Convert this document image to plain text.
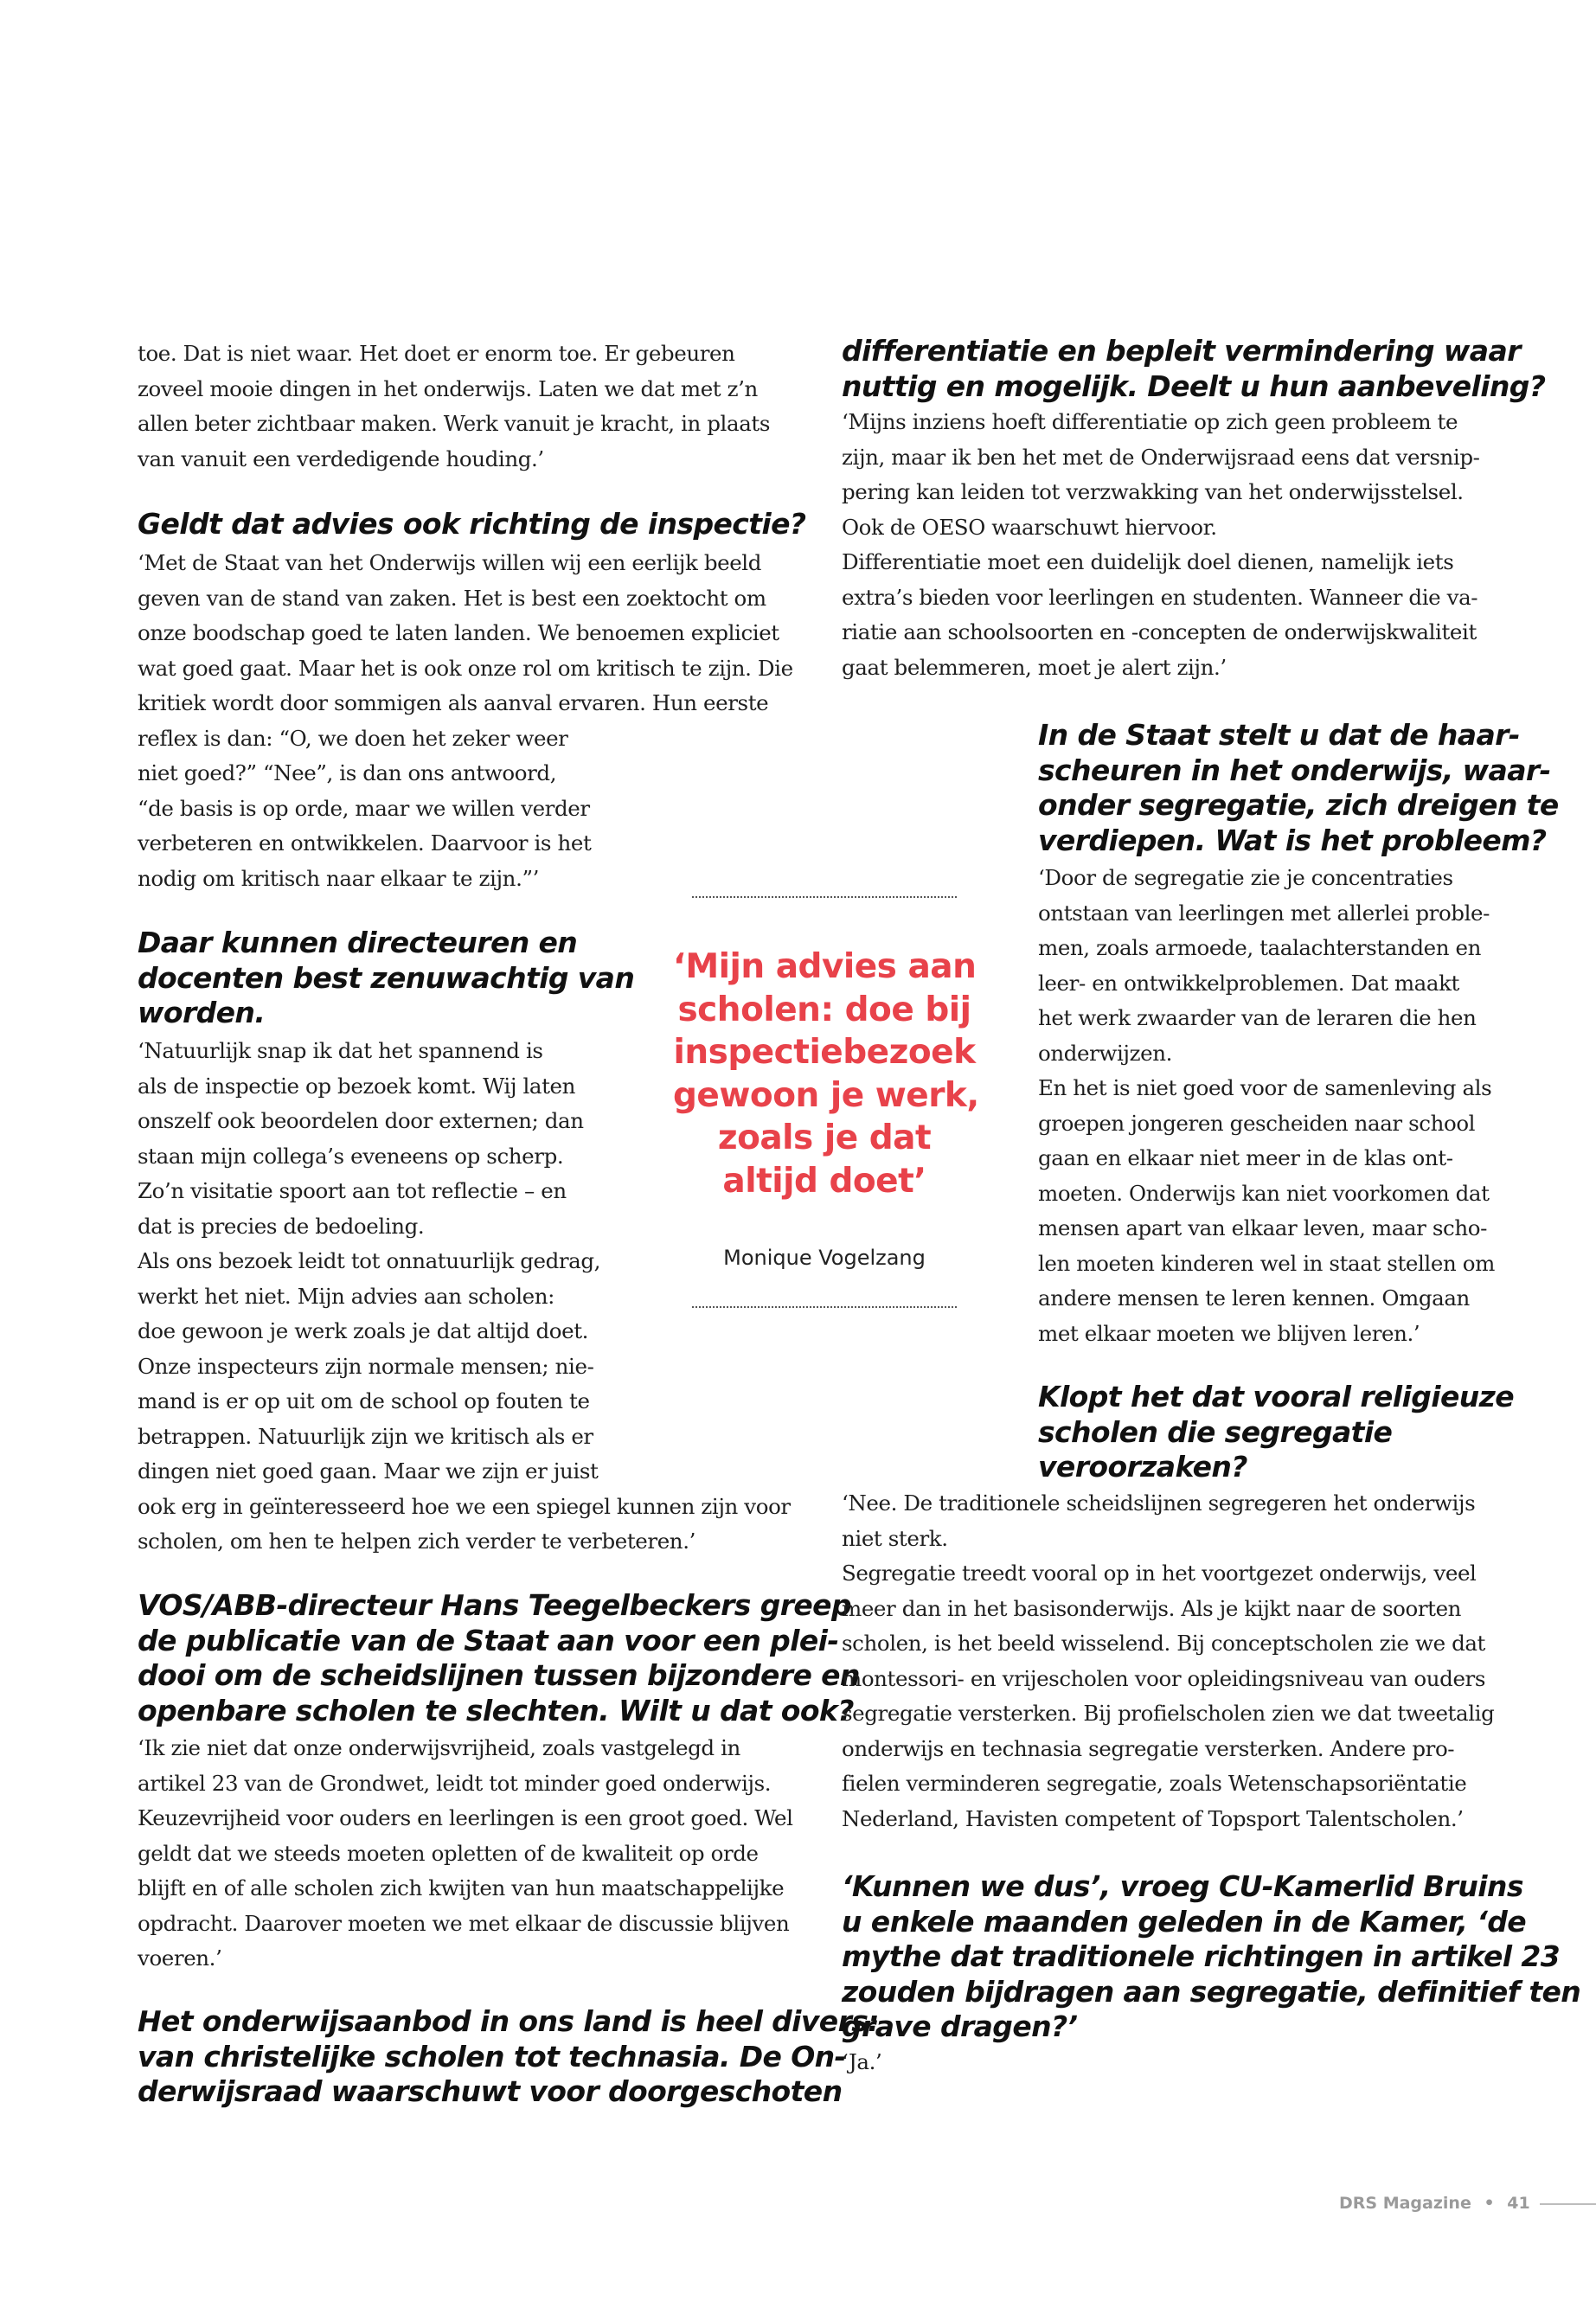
toe. Dat is niet waar. Het doet er enorm toe. Er gebeuren
zoveel mooie dingen in het onderwijs. Laten we dat met z’n
allen beter zichtbaar maken. Werk vanuit je kracht, in plaats
van vanuit een verdedigende houding.’
Geldt dat advies ook richting de inspectie?
‘Met de Staat van het Onderwijs willen wij een eerlijk beeld
geven van de stand van zaken. Het is best een zoektocht om
onze boodschap goed te laten landen. We benoemen expliciet
wat goed gaat. Maar het is ook onze rol om kritisch te zijn. Die
kritiek wordt door sommigen als aanval ervaren. Hun eerste
reflex is dan: “O, we doen het zeker weer
niet goed?” “Nee”, is dan ons antwoord,
“de basis is op orde, maar we willen verder
verbeteren en ontwikkelen. Daarvoor is het
nodig om kritisch naar elkaar te zijn.”’
Daar kunnen directeuren en
docenten best zenuwachtig van
worden.
‘Natuurlijk snap ik dat het spannend is
als de inspectie op bezoek komt. Wij laten
onszelf ook beoordelen door externen; dan
staan mijn collega’s eveneens op scherp.
Zo’n visitatie spoort aan tot reflectie – en
dat is precies de bedoeling.
Als ons bezoek leidt tot onnatuurlijk gedrag,
werkt het niet. Mijn advies aan scholen:
doe gewoon je werk zoals je dat altijd doet.
Onze inspecteurs zijn normale mensen; nie-
mand is er op uit om de school op fouten te
betrappen. Natuurlijk zijn we kritisch als er
dingen niet goed gaan. Maar we zijn er juist
ook erg in geïnteresseerd hoe we een spiegel kunnen zijn voor
scholen, om hen te helpen zich verder te verbeteren.’
VOS/ABB-directeur Hans Teegelbeckers greep
de publicatie van de Staat aan voor een plei-
dooi om de scheidslijnen tussen bijzondere en
openbare scholen te slechten. Wilt u dat ook?
‘Ik zie niet dat onze onderwijsvrijheid, zoals vastgelegd in
artikel 23 van de Grondwet, leidt tot minder goed onderwijs.
Keuzevrijheid voor ouders en leerlingen is een groot goed. Wel
geldt dat we steeds moeten opletten of de kwaliteit op orde
blijft en of alle scholen zich kwijten van hun maatschappelijke
opdracht. Daarover moeten we met elkaar de discussie blijven
voeren.’
Het onderwijsaanbod in ons land is heel divers:
van christelijke scholen tot technasia. De On-
derwijsraad waarschuwt voor doorgeschoten
differentiatie en bepleit vermindering waar
nuttig en mogelijk. Deelt u hun aanbeveling?
‘Mijns inziens hoeft differentiatie op zich geen probleem te
zijn, maar ik ben het met de Onderwijsraad eens dat versnip-
pering kan leiden tot verzwakking van het onderwijsstelsel.
Ook de OESO waarschuwt hiervoor.
Differentiatie moet een duidelijk doel dienen, namelijk iets
extra’s bieden voor leerlingen en studenten. Wanneer die va-
riatie aan schoolsoorten en -concepten de onderwijskwaliteit
gaat belemmeren, moet je alert zijn.’
In de Staat stelt u dat de haar-
scheuren in het onderwijs, waar-
onder segregatie, zich dreigen te
verdiepen. Wat is het probleem?
‘Door de segregatie zie je concentraties
ontstaan van leerlingen met allerlei proble-
men, zoals armoede, taalachterstanden en
leer- en ontwikkelproblemen. Dat maakt
het werk zwaarder van de leraren die hen
onderwijzen.
En het is niet goed voor de samenleving als
groepen jongeren gescheiden naar school
gaan en elkaar niet meer in de klas ont-
moeten. Onderwijs kan niet voorkomen dat
mensen apart van elkaar leven, maar scho-
len moeten kinderen wel in staat stellen om
andere mensen te leren kennen. Omgaan
met elkaar moeten we blijven leren.’
Klopt het dat vooral religieuze
scholen die segregatie
veroorzaken?
‘Nee. De traditionele scheidslijnen segregeren het onderwijs
niet sterk.
Segregatie treedt vooral op in het voortgezet onderwijs, veel
meer dan in het basisonderwijs. Als je kijkt naar de soorten
scholen, is het beeld wisselend. Bij conceptscholen zie we dat
montessori- en vrijescholen voor opleidingsniveau van ouders
segregatie versterken. Bij profielscholen zien we dat tweetalig
onderwijs en technasia segregatie versterken. Andere pro-
fielen verminderen segregatie, zoals Wetenschapsoriëntatie
Nederland, Havisten competent of Topsport Talentscholen.’
‘Kunnen we dus’, vroeg CU-Kamerlid Bruins
u enkele maanden geleden in de Kamer, ‘de
mythe dat traditionele richtingen in artikel 23
zouden bijdragen aan segregatie, definitief ten
grave dragen?’
‘Ja.’
‘Mijn advies aan
scholen: doe bij
inspectiebezoek
gewoon je werk,
zoals je dat
altijd doet’

Monique Vogelzang

DRS Magazine • 41
